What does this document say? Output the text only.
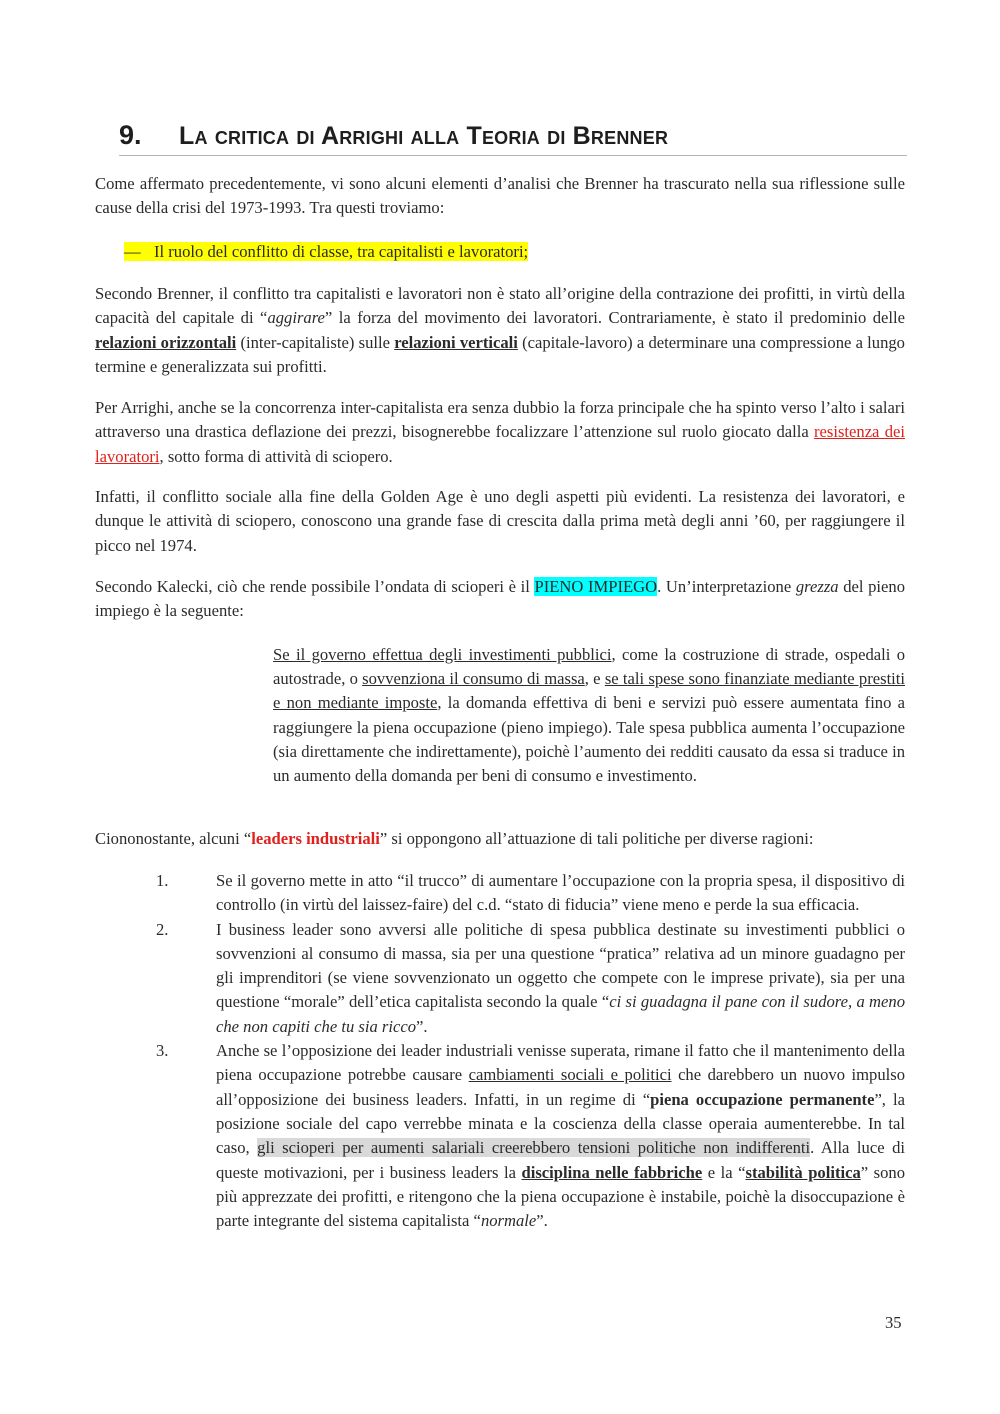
9. La critica di Arrighi alla Teoria di Brenner
Come affermato precedentemente, vi sono alcuni elementi d’analisi che Brenner ha trascurato nella sua riflessione sulle cause della crisi del 1973-1993. Tra questi troviamo:
— Il ruolo del conflitto di classe, tra capitalisti e lavoratori;
Secondo Brenner, il conflitto tra capitalisti e lavoratori non è stato all’origine della contrazione dei profitti, in virtù della capacità del capitale di “aggirare” la forza del movimento dei lavoratori. Contrariamente, è stato il predominio delle relazioni orizzontali (inter-capitaliste) sulle relazioni verticali (capitale-lavoro) a determinare una compressione a lungo termine e generalizzata sui profitti.
Per Arrighi, anche se la concorrenza inter-capitalista era senza dubbio la forza principale che ha spinto verso l’alto i salari attraverso una drastica deflazione dei prezzi, bisognerebbe focalizzare l’attenzione sul ruolo giocato dalla resistenza dei lavoratori, sotto forma di attività di sciopero.
Infatti, il conflitto sociale alla fine della Golden Age è uno degli aspetti più evidenti. La resistenza dei lavoratori, e dunque le attività di sciopero, conoscono una grande fase di crescita dalla prima metà degli anni ’60, per raggiungere il picco nel 1974.
Secondo Kalecki, ciò che rende possibile l’ondata di scioperi è il PIENO IMPIEGO. Un’interpretazione grezza del pieno impiego è la seguente:
Se il governo effettua degli investimenti pubblici, come la costruzione di strade, ospedali o autostrade, o sovvenziona il consumo di massa, e se tali spese sono finanziate mediante prestiti e non mediante imposte, la domanda effettiva di beni e servizi può essere aumentata fino a raggiungere la piena occupazione (pieno impiego). Tale spesa pubblica aumenta l’occupazione (sia direttamente che indirettamente), poichè l’aumento dei redditi causato da essa si traduce in un aumento della domanda per beni di consumo e investimento.
Ciononostante, alcuni “leaders industriali” si oppongono all’attuazione di tali politiche per diverse ragioni:
1.	Se il governo mette in atto “il trucco” di aumentare l’occupazione con la propria spesa, il dispositivo di controllo (in virtù del laissez-faire) del c.d. “stato di fiducia” viene meno e perde la sua efficacia.
2.	I business leader sono avversi alle politiche di spesa pubblica destinate su investimenti pubblici o sovvenzioni al consumo di massa, sia per una questione “pratica” relativa ad un minore guadagno per gli imprenditori (se viene sovvenzionato un oggetto che compete con le imprese private), sia per una questione “morale” dell’etica capitalista secondo la quale “ci si guadagna il pane con il sudore, a meno che non capiti che tu sia ricco”.
3.	Anche se l’opposizione dei leader industriali venisse superata, rimane il fatto che il mantenimento della piena occupazione potrebbe causare cambiamenti sociali e politici che darebbero un nuovo impulso all’opposizione dei business leaders. Infatti, in un regime di “piena occupazione permanente”, la posizione sociale del capo verrebbe minata e la coscienza della classe operaia aumenterebbe. In tal caso, gli scioperi per aumenti salariali creerebbero tensioni politiche non indifferenti. Alla luce di queste motivazioni, per i business leaders la disciplina nelle fabbriche e la “stabilità politica” sono più apprezzate dei profitti, e ritengono che la piena occupazione è instabile, poichè la disoccupazione è parte integrante del sistema capitalista “normale”.
35
